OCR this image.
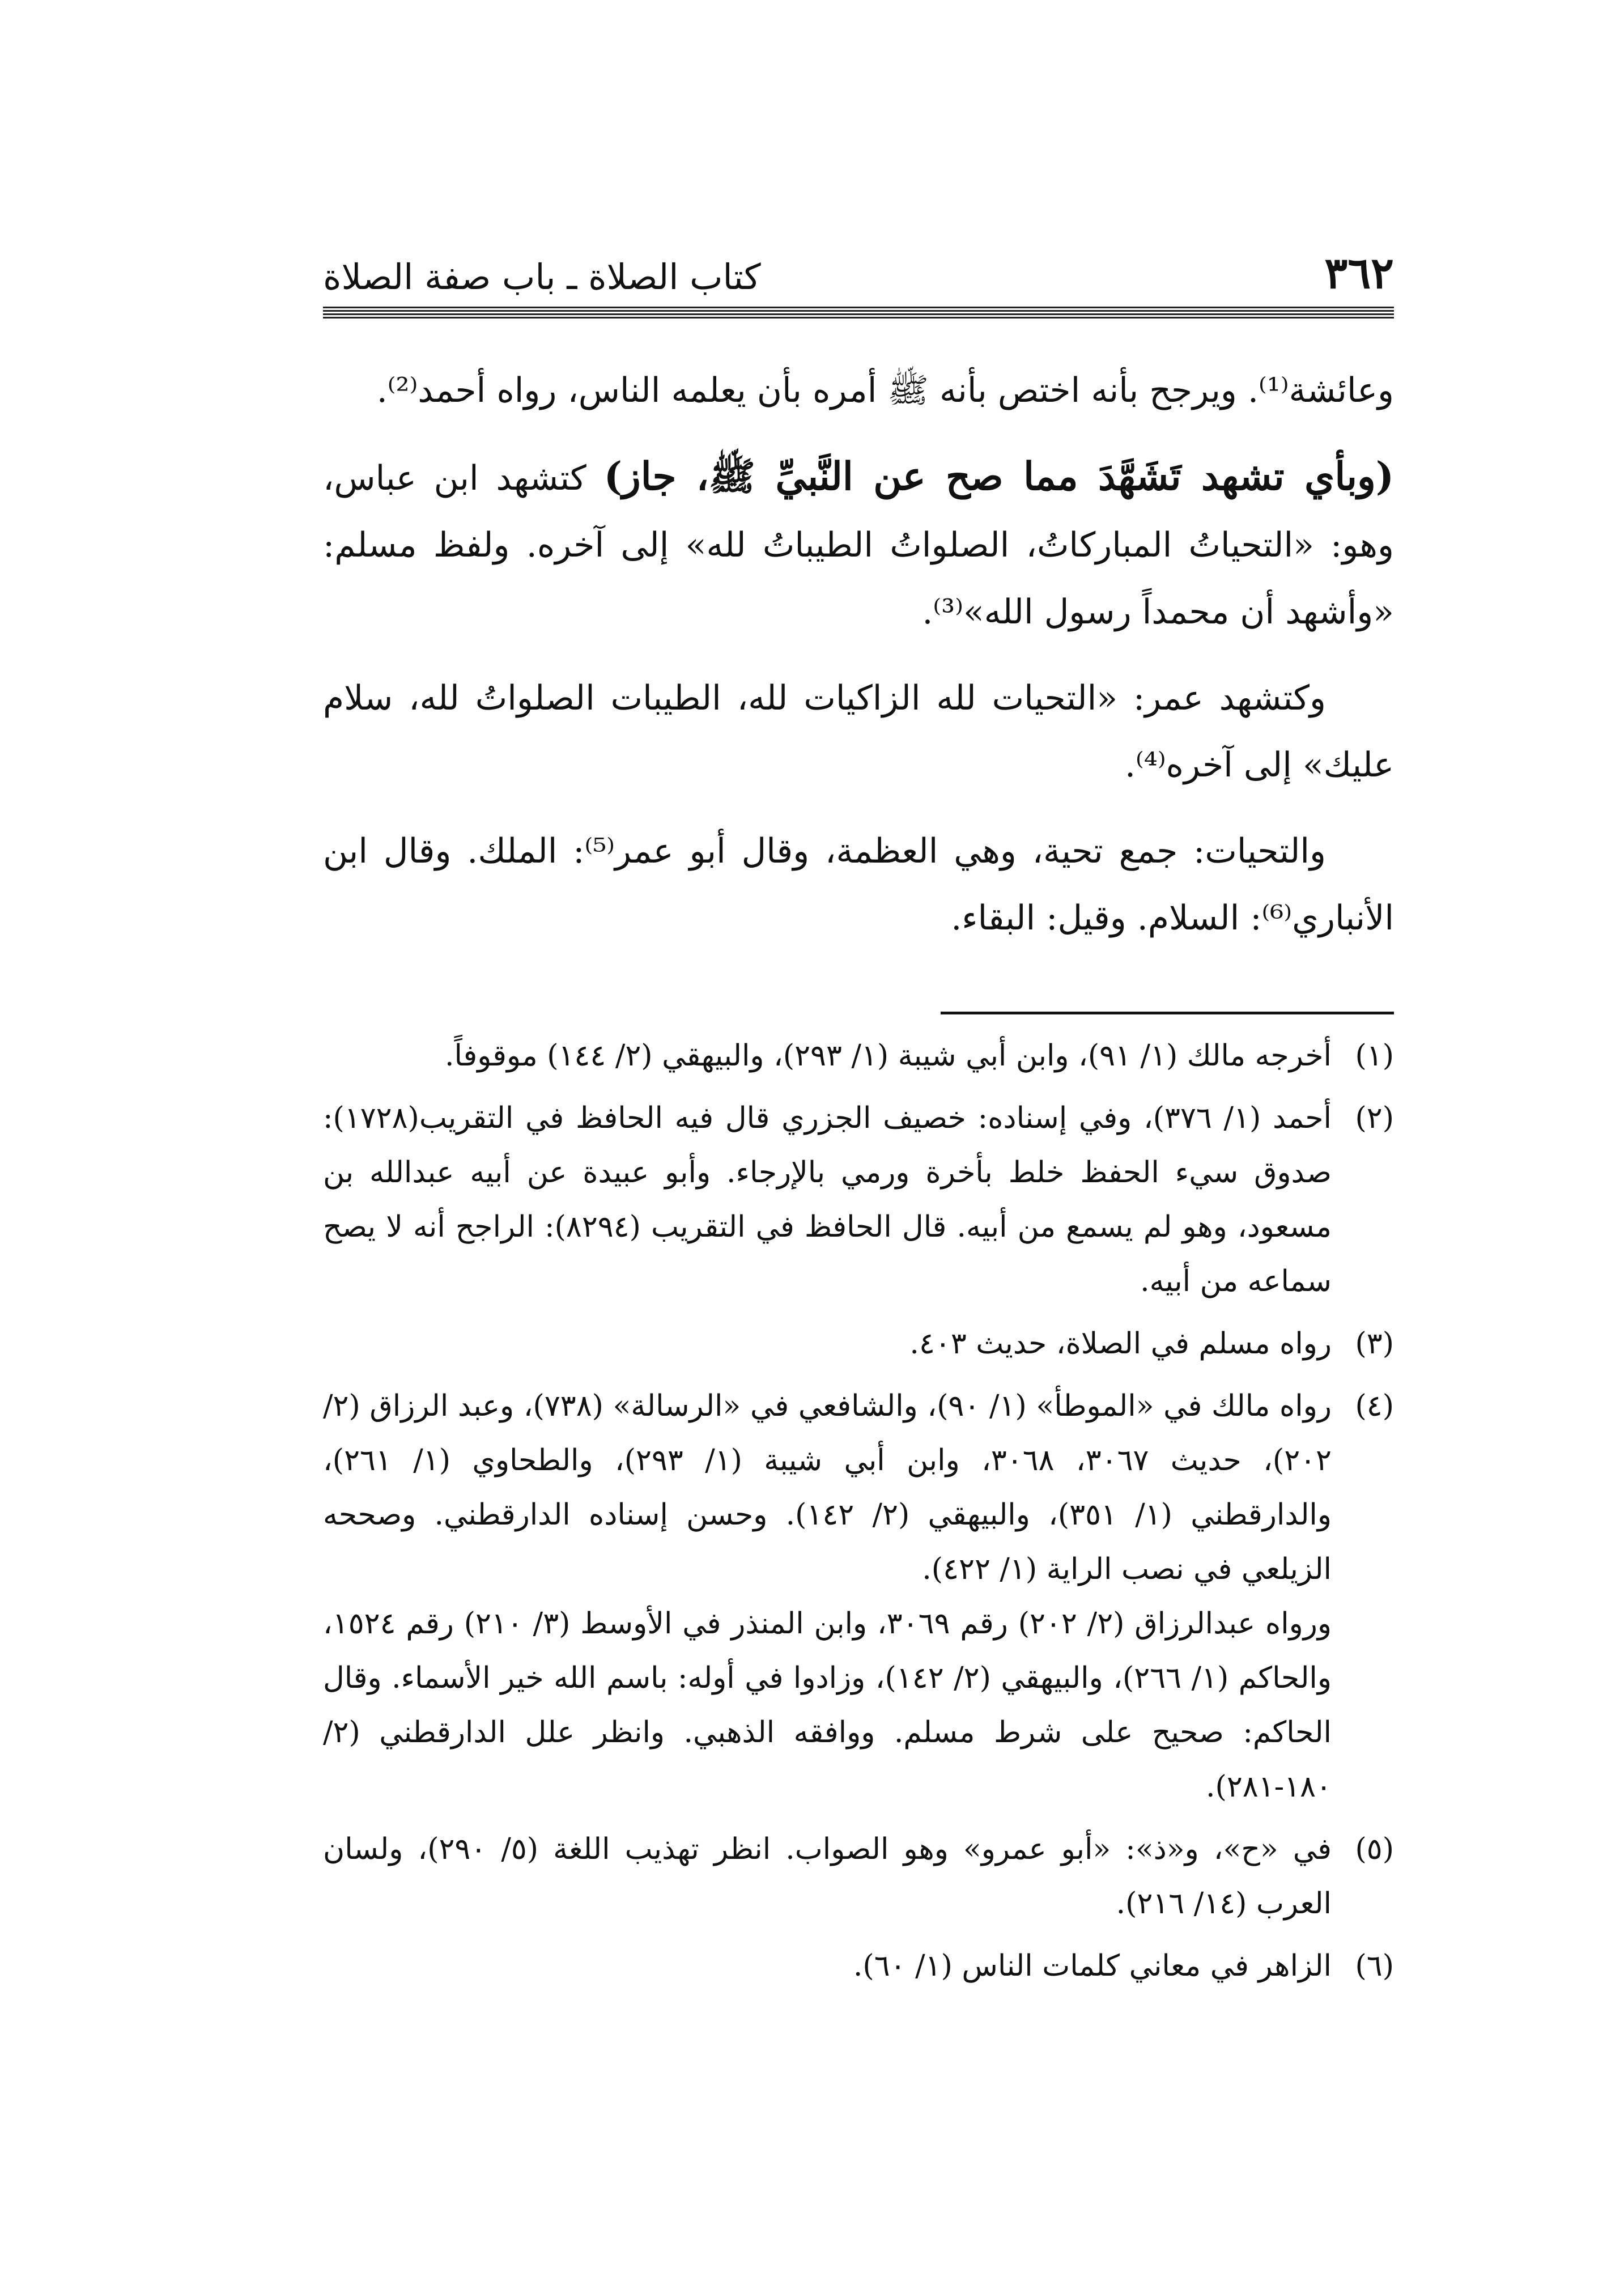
٣٦٢
كتاب الصلاة ـ باب صفة الصلاة

وعائشة⁽¹⁾. ويرجح بأنه اختص بأنه ﷺ أمره بأن يعلمه الناس، رواه أحمد⁽²⁾.

(وبأي تشهد تَشَهَّدَ مما صح عن النَّبيِّ ﷺ، جاز) كتشهد ابن عباس، وهو: «التحياتُ المباركاتُ، الصلواتُ الطيباتُ لله» إلى آخره. ولفظ مسلم: «وأشهد أن محمداً رسول الله»⁽³⁾.

وكتشهد عمر: «التحيات لله الزاكيات لله، الطيبات الصلواتُ لله، سلام عليك» إلى آخره⁽⁴⁾.

والتحيات: جمع تحية، وهي العظمة، وقال أبو عمر⁽⁵⁾: الملك. وقال ابن الأنباري⁽⁶⁾: السلام. وقيل: البقاء.

(١)

أخرجه مالك (١/ ٩١)، وابن أبي شيبة (١/ ٢٩٣)، والبيهقي (٢/ ١٤٤) موقوفاً.

(٢)

أحمد (١/ ٣٧٦)، وفي إسناده: خصيف الجزري قال فيه الحافظ في التقريب(١٧٢٨): صدوق سيء الحفظ خلط بأخرة ورمي بالإرجاء. وأبو عبيدة عن أبيه عبدالله بن مسعود، وهو لم يسمع من أبيه. قال الحافظ في التقريب (٨٢٩٤): الراجح أنه لا يصح سماعه من أبيه.

(٣)

رواه مسلم في الصلاة، حديث ٤٠٣.

(٤)

رواه مالك في «الموطأ» (١/ ٩٠)، والشافعي في «الرسالة» (٧٣٨)، وعبد الرزاق (٢/ ٢٠٢)، حديث ٣٠٦٧، ٣٠٦٨، وابن أبي شيبة (١/ ٢٩٣)، والطحاوي (١/ ٢٦١)، والدارقطني (١/ ٣٥١)، والبيهقي (٢/ ١٤٢). وحسن إسناده الدارقطني. وصححه الزيلعي في نصب الراية (١/ ٤٢٢).

ورواه عبدالرزاق (٢/ ٢٠٢) رقم ٣٠٦٩، وابن المنذر في الأوسط (٣/ ٢١٠) رقم ١٥٢٤، والحاكم (١/ ٢٦٦)، والبيهقي (٢/ ١٤٢)، وزادوا في أوله: باسم الله خير الأسماء. وقال الحاكم: صحيح على شرط مسلم. ووافقه الذهبي. وانظر علل الدارقطني (٢/ ١٨٠-٢٨١).

(٥)

في «ح»، و«ذ»: «أبو عمرو» وهو الصواب. انظر تهذيب اللغة (٥/ ٢٩٠)، ولسان العرب (١٤/ ٢١٦).

(٦)

الزاهر في معاني كلمات الناس (١/ ٦٠).
